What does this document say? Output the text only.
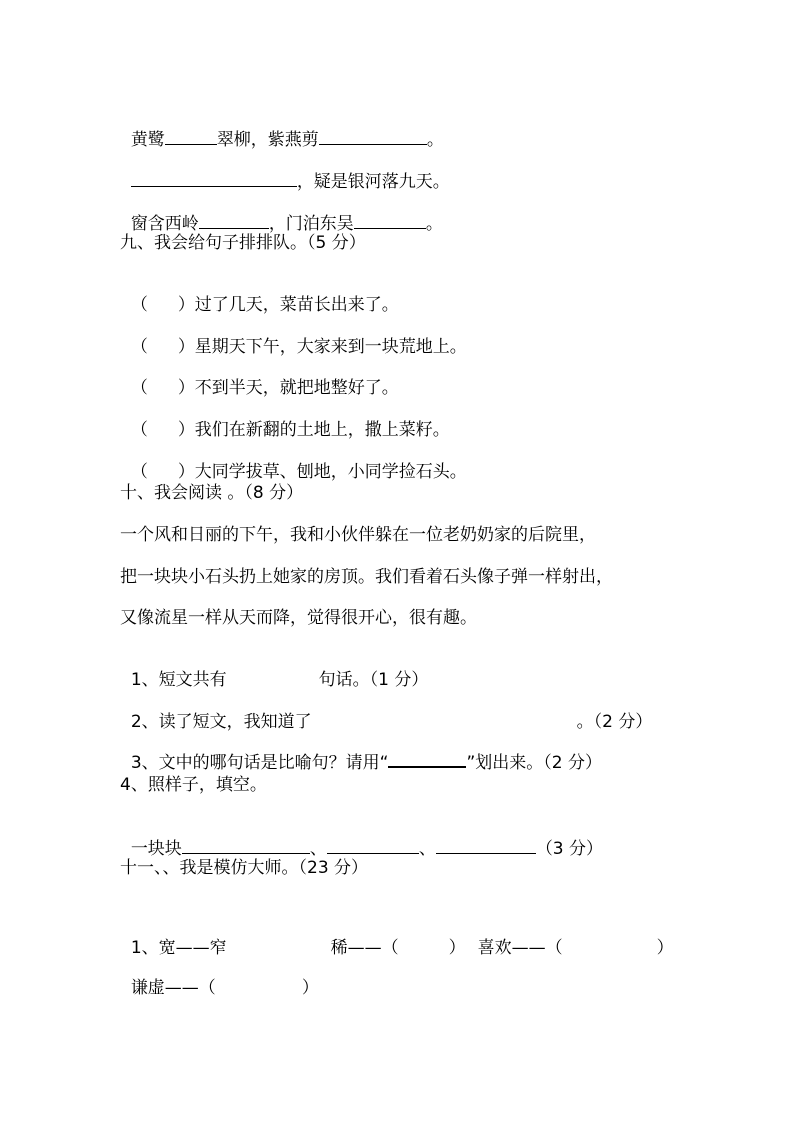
黄鹭	翠柳，紫燕剪	。

，疑是银河落九天。

窗含西岭	，门泊东吴	。

九、我会给句子排排队。（5 分）

（ ）过了几天，菜苗长出来了。

（ ）星期天下午，大家来到一块荒地上。

（ ）不到半天，就把地整好了。

（ ）我们在新翻的土地上，撒上菜籽。

（ ）大同学拔草、刨地，小同学捡石头。

十、我会阅读 。（8 分）
一个风和日丽的下午，我和小伙伴躲在一位老奶奶家的后院里，
把一块块小石头扔上她家的房顶。我们看着石头像子弹一样射出，
又像流星一样从天而降，觉得很开心，很有趣。

1、短文共有	句话。（1 分）

2、读了短文，我知道了	。（2 分）

3、文中的哪句话是比喻句？请用“	”划出来。（2 分）

4、照样子，填空。

一块块	、	、	（3 分）

十一、、我是模仿大师。（23 分）

1、宽——窄	稀——（	） 喜欢——（	）

谦虚——（	）
